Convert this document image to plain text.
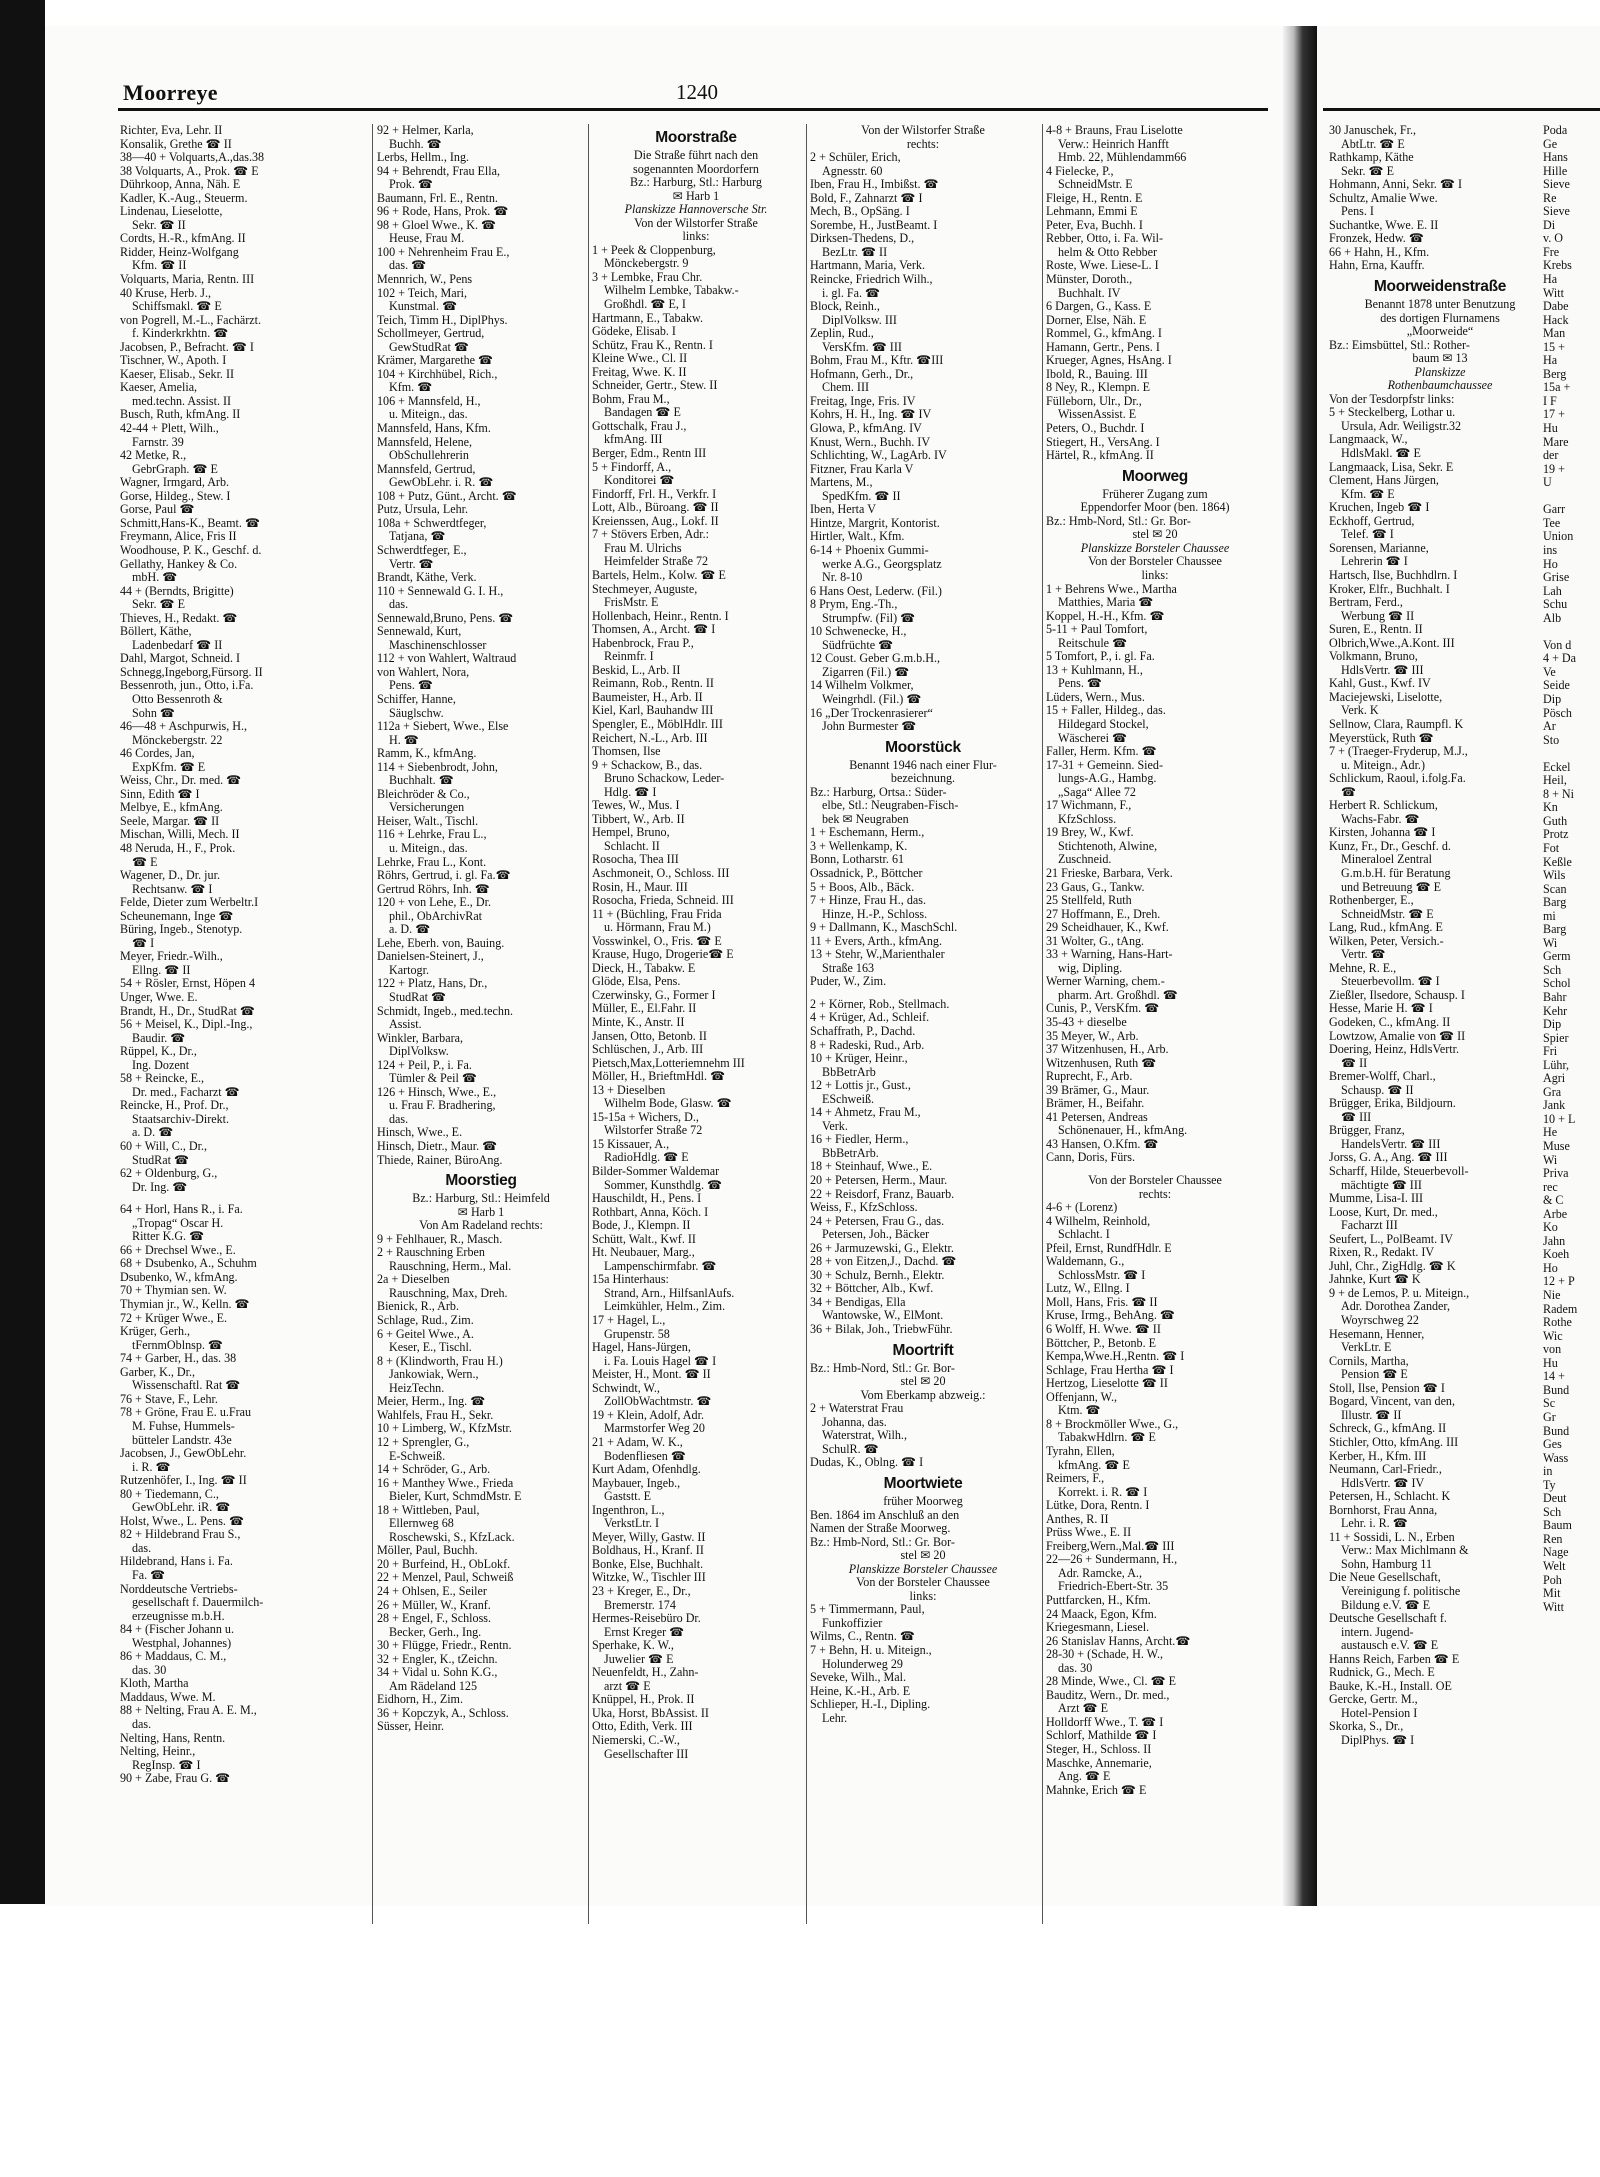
Poda
Ge
Hans
Hille
Sieve
Re
Sieve
Di
v. O
Fre
Krebs
Ha
Witt
Dabe
Hack
Man
15 +
Ha
Berg
15a +
I F
17 +
Hu
Mare
der
19 +
U
Garr
Tee
Union
ins
Ho
Grise
Lah
Schu
Alb
Von d
4 + Da
Ve
Seide
Dip
Pösch
Ar
Sto
Eckel
Heil,
8 + Ni
Kn
Guth
Protz
Fot
Keßle
Wils
Scan
Barg
mi
Barg
Wi
Germ
Sch
Schol
Bahr
Kehr
Dip
Spier
Fri
Lühr,
Agri
Gra
Jank
10 + L
He
Muse
Wi
Priva
rec
& C
Arbe
Ko
Jahn
Koeh
Ho
12 + P
Nie
Radem
Rothe
Wic
von
Hu
14 +
Bund
Sc
Gr
Bund
Ges
Wass
in
Ty
Deut
Sch
Baum
Ren
Nage
Welt
Poh
Mit
Witt
Moorreye	1240
Richter, Eva, Lehr. II
Konsalik, Grethe ☎ II
38—40 + Volquarts,A.,das.38
38 Volquarts, A., Prok. ☎ E
Dührkoop, Anna, Näh. E
Kadler, K.-Aug., Steuerm.
Lindenau, Lieselotte,
Sekr. ☎ II
Cordts, H.-R., kfmAng. II
Ridder, Heinz-Wolfgang
Kfm. ☎ II
Volquarts, Maria, Rentn. III
40 Kruse, Herb. J.,
Schiffsmakl. ☎ E
von Pogrell, M.-L., Fachärzt.
f. Kinderkrkhtn. ☎
Jacobsen, P., Befracht. ☎ I
Tischner, W., Apoth. I
Kaeser, Elisab., Sekr. II
Kaeser, Amelia,
med.techn. Assist. II
Busch, Ruth, kfmAng. II
42-44 + Plett, Wilh.,
Farnstr. 39
42 Metke, R.,
GebrGraph. ☎ E
Wagner, Irmgard, Arb.
Gorse, Hildeg., Stew. I
Gorse, Paul ☎
Schmitt,Hans-K., Beamt. ☎
Freymann, Alice, Fris II
Woodhouse, P. K., Geschf. d.
Gellathy, Hankey & Co.
mbH. ☎
44 + (Berndts, Brigitte)
Sekr. ☎ E
Thieves, H., Redakt. ☎
Böllert, Käthe,
Ladenbedarf ☎ II
Dahl, Margot, Schneid. I
Schnegg,Ingeborg,Fürsorg. II
Bessenroth, jun., Otto, i.Fa.
Otto Bessenroth &
Sohn ☎
46—48 + Aschpurwis, H.,
Mönckebergstr. 22
46 Cordes, Jan,
ExpKfm. ☎ E
Weiss, Chr., Dr. med. ☎
Sinn, Edith ☎ I
Melbye, E., kfmAng.
Seele, Margar. ☎ II
Mischan, Willi, Mech. II
48 Neruda, H., F., Prok.
☎ E
Wagener, D., Dr. jur.
Rechtsanw. ☎ I
Felde, Dieter zum Werbeltr.I
Scheunemann, Inge ☎
Büring, Ingeb., Stenotyp.
☎ I
Meyer, Friedr.-Wilh.,
Ellng. ☎ II
54 + Rösler, Ernst, Höpen 4
Unger, Wwe. E.
Brandt, H., Dr., StudRat ☎
56 + Meisel, K., Dipl.-Ing.,
Baudir. ☎
Rüppel, K., Dr.,
Ing. Dozent
58 + Reincke, E.,
Dr. med., Facharzt ☎
Reincke, H., Prof. Dr.,
Staatsarchiv-Direkt.
a. D. ☎
60 + Will, C., Dr.,
StudRat ☎
62 + Oldenburg, G.,
Dr. Ing. ☎
64 + Horl, Hans R., i. Fa.
„Tropag“ Oscar H.
Ritter K.G. ☎
66 + Drechsel Wwe., E.
68 + Dsubenko, A., Schuhm
Dsubenko, W., kfmAng.
70 + Thymian sen. W.
Thymian jr., W., Kelln. ☎
72 + Krüger Wwe., E.
Krüger, Gerh.,
tFernmOblnsp. ☎
74 + Garber, H., das. 38
Garber, K., Dr.,
Wissenschaftl. Rat ☎
76 + Stave, F., Lehr.
78 + Gröne, Frau E. u.Frau
M. Fuhse, Hummels-
bütteler Landstr. 43e
Jacobsen, J., GewObLehr.
i. R. ☎
Rutzenhöfer, I., Ing. ☎ II
80 + Tiedemann, C.,
GewObLehr. iR. ☎
Holst, Wwe., L. Pens. ☎
82 + Hildebrand Frau S.,
das.
Hildebrand, Hans i. Fa.
Fa. ☎
Norddeutsche Vertriebs-
gesellschaft f. Dauermilch-
erzeugnisse m.b.H.
84 + (Fischer Johann u.
Westphal, Johannes)
86 + Maddaus, C. M.,
das. 30
Kloth, Martha
Maddaus, Wwe. M.
88 + Nelting, Frau A. E. M.,
das.
Nelting, Hans, Rentn.
Nelting, Heinr.,
RegInsp. ☎ I
90 + Zabe, Frau G. ☎
92 + Helmer, Karla,
Buchh. ☎
Lerbs, Hellm., Ing.
94 + Behrendt, Frau Ella,
Prok. ☎
Baumann, Frl. E., Rentn.
96 + Rode, Hans, Prok. ☎
98 + Gloel Wwe., K. ☎
Heuse, Frau M.
100 + Nehrenheim Frau E.,
das. ☎
Mennrich, W., Pens
102 + Teich, Mari,
Kunstmal. ☎
Teich, Timm H., DiplPhys.
Schollmeyer, Gertrud,
GewStudRat ☎
Krämer, Margarethe ☎
104 + Kirchhübel, Rich.,
Kfm. ☎
106 + Mannsfeld, H.,
u. Miteign., das.
Mannsfeld, Hans, Kfm.
Mannsfeld, Helene,
ObSchullehrerin
Mannsfeld, Gertrud,
GewObLehr. i. R. ☎
108 + Putz, Günt., Archt. ☎
Putz, Ursula, Lehr.
108a + Schwerdtfeger,
Tatjana, ☎
Schwerdtfeger, E.,
Vertr. ☎
Brandt, Käthe, Verk.
110 + Sennewald G. I. H.,
das.
Sennewald,Bruno, Pens. ☎
Sennewald, Kurt,
Maschinenschlosser
112 + von Wahlert, Waltraud
von Wahlert, Nora,
Pens. ☎
Schiffer, Hanne,
Säuglschw.
112a + Siebert, Wwe., Else
H. ☎
Ramm, K., kfmAng.
114 + Siebenbrodt, John,
Buchhalt. ☎
Bleichröder & Co.,
Versicherungen
Heiser, Walt., Tischl.
116 + Lehrke, Frau L.,
u. Miteign., das.
Lehrke, Frau L., Kont.
Röhrs, Gertrud, i. gl. Fa.☎
Gertrud Röhrs, Inh. ☎
120 + von Lehe, E., Dr.
phil., ObArchivRat
a. D. ☎
Lehe, Eberh. von, Bauing.
Danielsen-Steinert, J.,
Kartogr.
122 + Platz, Hans, Dr.,
StudRat ☎
Schmidt, Ingeb., med.techn.
Assist.
Winkler, Barbara,
DiplVolksw.
124 + Peil, P., i. Fa.
Tümler & Peil ☎
126 + Hinsch, Wwe., E.,
u. Frau F. Bradhering,
das.
Hinsch, Wwe., E.
Hinsch, Dietr., Maur. ☎
Thiede, Rainer, BüroAng.
Moorstieg
Bz.: Harburg, Stl.: Heimfeld
✉ Harb 1
Von Am Radeland rechts:
9 + Fehlhauer, R., Masch.
2 + Rauschning Erben
Rauschning, Herm., Mal.
2a + Dieselben
Rauschning, Max, Dreh.
Bienick, R., Arb.
Schlage, Rud., Zim.
6 + Geitel Wwe., A.
Keser, E., Tischl.
8 + (Klindworth, Frau H.)
Jankowiak, Wern.,
HeizTechn.
Meier, Herm., Ing. ☎
Wahlfels, Frau H., Sekr.
10 + Limberg, W., KfzMstr.
12 + Sprengler, G.,
E-Schweiß.
14 + Schröder, G., Arb.
16 + Manthey Wwe., Frieda
Bieler, Kurt, SchmdMstr. E
18 + Wittleben, Paul,
Ellernweg 68
Roschewski, S., KfzLack.
Möller, Paul, Buchh.
20 + Burfeind, H., ObLokf.
22 + Menzel, Paul, Schweiß
24 + Ohlsen, E., Seiler
26 + Müller, W., Kranf.
28 + Engel, F., Schloss.
Becker, Gerh., Ing.
30 + Flügge, Friedr., Rentn.
32 + Engler, K., tZeichn.
34 + Vidal u. Sohn K.G.,
Am Rädeland 125
Eidhorn, H., Zim.
36 + Kopczyk, A., Schloss.
Süsser, Heinr.
Moorstraße
Die Straße führt nach den
sogenannten Moordorfern
Bz.: Harburg, Stl.: Harburg
✉ Harb 1
Planskizze Hannoversche Str.
Von der Wilstorfer Straße
links:
1 + Peek & Cloppenburg,
Mönckebergstr. 9
3 + Lembke, Frau Chr.
Wilhelm Lembke, Tabakw.-
Großhdl. ☎ E, I
Hartmann, E., Tabakw.
Gödeke, Elisab. I
Schütz, Frau K., Rentn. I
Kleine Wwe., Cl. II
Freitag, Wwe. K. II
Schneider, Gertr., Stew. II
Bohm, Frau M.,
Bandagen ☎ E
Gottschalk, Frau J.,
kfmAng. III
Berger, Edm., Rentn III
5 + Findorff, A.,
Konditorei ☎
Findorff, Frl. H., Verkfr. I
Lott, Alb., Büroang. ☎ II
Kreienssen, Aug., Lokf. II
7 + Stövers Erben, Adr.:
Frau M. Ulrichs
Heimfelder Straße 72
Bartels, Helm., Kolw. ☎ E
Stechmeyer, Auguste,
FrisMstr. E
Hollenbach, Heinr., Rentn. I
Thomsen, A., Archt. ☎ I
Habenbrock, Frau P.,
Reinmfr. I
Beskid, L., Arb. II
Reimann, Rob., Rentn. II
Baumeister, H., Arb. II
Kiel, Karl, Bauhandw III
Spengler, E., MöblHdlr. III
Reichert, N.-L., Arb. III
Thomsen, Ilse
9 + Schackow, B., das.
Bruno Schackow, Leder-
Hdlg. ☎ I
Tewes, W., Mus. I
Tibbert, W., Arb. II
Hempel, Bruno,
Schlacht. II
Rosocha, Thea III
Aschmoneit, O., Schloss. III
Rosin, H., Maur. III
Rosocha, Frieda, Schneid. III
11 + (Büchling, Frau Frida
u. Hörmann, Frau M.)
Vosswinkel, O., Fris. ☎ E
Krause, Hugo, Drogerie☎ E
Dieck, H., Tabakw. E
Glöde, Elsa, Pens.
Czerwinsky, G., Former I
Müller, E., El.Fahr. II
Minte, K., Anstr. II
Jansen, Otto, Betonb. II
Schlüschen, J., Arb. III
Pietsch,Max,Lotteriemnehm III
Möller, H., BrieftmHdl. ☎
13 + Dieselben
Wilhelm Bode, Glasw. ☎
15-15a + Wichers, D.,
Wilstorfer Straße 72
15 Kissauer, A.,
RadioHdlg. ☎ E
Bilder-Sommer Waldemar
Sommer, Kunsthdlg. ☎
Hauschildt, H., Pens. I
Rothbart, Anna, Köch. I
Bode, J., Klempn. II
Schütt, Walt., Kwf. II
Ht. Neubauer, Marg.,
Lampenschirmfabr. ☎
15a Hinterhaus:
Strand, Arn., HilfsanlAufs.
Leimkühler, Helm., Zim.
17 + Hagel, L.,
Grupenstr. 58
Hagel, Hans-Jürgen,
i. Fa. Louis Hagel ☎ I
Meister, H., Mont. ☎ II
Schwindt, W.,
ZollObWachtmstr. ☎
19 + Klein, Adolf, Adr.
Marmstorfer Weg 20
21 + Adam, W. K.,
Bodenfliesen ☎
Kurt Adam, Ofenhdlg.
Maybauer, Ingeb.,
Gaststt. E
Ingenthron, L.,
VerkstLtr. I
Meyer, Willy, Gastw. II
Boldhaus, H., Kranf. II
Bonke, Else, Buchhalt.
Witzke, W., Tischler III
23 + Kreger, E., Dr.,
Bremerstr. 174
Hermes-Reisebüro Dr.
Ernst Kreger ☎
Sperhake, K. W.,
Juwelier ☎ E
Neuenfeldt, H., Zahn-
arzt ☎ E
Knüppel, H., Prok. II
Uka, Horst, BbAssist. II
Otto, Edith, Verk. III
Niemerski, C.-W.,
Gesellschafter III
Von der Wilstorfer Straße
rechts:
2 + Schüler, Erich,
Agnesstr. 60
Iben, Frau H., Imbißst. ☎
Bold, F., Zahnarzt ☎ I
Mech, B., OpSäng. I
Sorembe, H., JustBeamt. I
Dirksen-Thedens, D.,
BezLtr. ☎ II
Hartmann, Maria, Verk.
Reincke, Friedrich Wilh.,
i. gl. Fa. ☎
Block, Reinh.,
DiplVolksw. III
Zeplin, Rud.,
VersKfm. ☎ III
Bohm, Frau M., Kftr. ☎III
Hofmann, Gerh., Dr.,
Chem. III
Freitag, Inge, Fris. IV
Kohrs, H. H., Ing. ☎ IV
Glowa, P., kfmAng. IV
Knust, Wern., Buchh. IV
Schlichting, W., LagArb. IV
Fitzner, Frau Karla V
Martens, M.,
SpedKfm. ☎ II
Iben, Herta V
Hintze, Margrit, Kontorist.
Hirtler, Walt., Kfm.
6-14 + Phoenix Gummi-
werke A.G., Georgsplatz
Nr. 8-10
6 Hans Oest, Lederw. (Fil.)
8 Prym, Eng.-Th.,
Strumpfw. (Fil) ☎
10 Schwenecke, H.,
Südfrüchte ☎
12 Coust. Geber G.m.b.H.,
Zigarren (Fil.) ☎
14 Wilhelm Volkmer,
Weingrhdl. (Fil.) ☎
16 „Der Trockenrasierer“
John Burmester ☎
Moorstück
Benannt 1946 nach einer Flur-
bezeichnung.
Bz.: Harburg, Ortsa.: Süder-
elbe, Stl.: Neugraben-Fisch-
bek ✉ Neugraben
1 + Eschemann, Herm.,
3 + Wellenkamp, K.
Bonn, Lotharstr. 61
Ossadnick, P., Böttcher
5 + Boos, Alb., Bäck.
7 + Hinze, Frau H., das.
Hinze, H.-P., Schloss.
9 + Dallmann, K., MaschSchl.
11 + Evers, Arth., kfmAng.
13 + Stehr, W.,Marienthaler
Straße 163
Puder, W., Zim.
2 + Körner, Rob., Stellmach.
4 + Krüger, Ad., Schleif.
Schaffrath, P., Dachd.
8 + Radeski, Rud., Arb.
10 + Krüger, Heinr.,
BbBetrArb
12 + Lottis jr., Gust.,
ESchweiß.
14 + Ahmetz, Frau M.,
Verk.
16 + Fiedler, Herm.,
BbBetrArb.
18 + Steinhauf, Wwe., E.
20 + Petersen, Herm., Maur.
22 + Reisdorf, Franz, Bauarb.
Weiss, F., KfzSchloss.
24 + Petersen, Frau G., das.
Petersen, Joh., Bäcker
26 + Jarmuzewski, G., Elektr.
28 + von Eitzen,J., Dachd. ☎
30 + Schulz, Bernh., Elektr.
32 + Böttcher, Alb., Kwf.
34 + Bendigas, Ella
Wantowske, W., ElMont.
36 + Bilak, Joh., TriebwFühr.
Moortrift
Bz.: Hmb-Nord, Stl.: Gr. Bor-
stel ✉ 20
Vom Eberkamp abzweig.:
2 + Waterstrat Frau
Johanna, das.
Waterstrat, Wilh.,
SchulR. ☎
Dudas, K., Oblng. ☎ I
Moortwiete
früher Moorweg
Ben. 1864 im Anschluß an den
Namen der Straße Moorweg.
Bz.: Hmb-Nord, Stl.: Gr. Bor-
stel ✉ 20
Planskizze Borsteler Chaussee
Von der Borsteler Chaussee
links:
5 + Timmermann, Paul,
Funkoffizier
Wilms, C., Rentn. ☎
7 + Behn, H. u. Miteign.,
Holunderweg 29
Seveke, Wilh., Mal.
Heine, K.-H., Arb. E
Schlieper, H.-I., Dipling.
Lehr.
4-8 + Brauns, Frau Liselotte
Verw.: Heinrich Hanfft
Hmb. 22, Mühlendamm66
4 Fielecke, P.,
SchneidMstr. E
Fleige, H., Rentn. E
Lehmann, Emmi E
Peter, Eva, Buchh. I
Rebber, Otto, i. Fa. Wil-
helm & Otto Rebber
Roste, Wwe. Liese-L. I
Münster, Doroth.,
Buchhalt. IV
6 Dargen, G., Kass. E
Dorner, Else, Näh. E
Rommel, G., kfmAng. I
Hamann, Gertr., Pens. I
Krueger, Agnes, HsAng. I
Ibold, R., Bauing. III
8 Ney, R., Klempn. E
Fülleborn, Ulr., Dr.,
WissenAssist. E
Peters, O., Buchdr. I
Stiegert, H., VersAng. I
Härtel, R., kfmAng. II
Moorweg
Früherer Zugang zum
Eppendorfer Moor (ben. 1864)
Bz.: Hmb-Nord, Stl.: Gr. Bor-
stel ✉ 20
Planskizze Borsteler Chaussee
Von der Borsteler Chaussee
links:
1 + Behrens Wwe., Martha
Matthies, Maria ☎
Koppel, H.-H., Kfm. ☎
5-11 + Paul Tomfort,
Reitschule ☎
5 Tomfort, P., i. gl. Fa.
13 + Kuhlmann, H.,
Pens. ☎
Lüders, Wern., Mus.
15 + Faller, Hildeg., das.
Hildegard Stockel,
Wäscherei ☎
Faller, Herm. Kfm. ☎
17-31 + Gemeinn. Sied-
lungs-A.G., Hambg.
„Saga“ Allee 72
17 Wichmann, F.,
KfzSchloss.
19 Brey, W., Kwf.
Stichtenoth, Alwine,
Zuschneid.
21 Frieske, Barbara, Verk.
23 Gaus, G., Tankw.
25 Stellfeld, Ruth
27 Hoffmann, E., Dreh.
29 Scheidhauer, K., Kwf.
31 Wolter, G., tAng.
33 + Warning, Hans-Hart-
wig, Dipling.
Werner Warning, chem.-
pharm. Art. Großhdl. ☎
Cunis, P., VersKfm. ☎
35-43 + dieselbe
35 Meyer, W., Arb.
37 Witzenhusen, H., Arb.
Witzenhusen, Ruth ☎
Ruprecht, F., Arb.
39 Brämer, G., Maur.
Brämer, H., Beifahr.
41 Petersen, Andreas
Schönenauer, H., kfmAng.
43 Hansen, O.Kfm. ☎
Cann, Doris, Fürs.
Von der Borsteler Chaussee
rechts:
4-6 + (Lorenz)
4 Wilhelm, Reinhold,
Schlacht. I
Pfeil, Ernst, RundfHdlr. E
Waldemann, G.,
SchlossMstr. ☎ I
Lutz, W., Ellng. I
Moll, Hans, Fris. ☎ II
Kruse, Irmg., BehAng. ☎
6 Wolff, H. Wwe. ☎ II
Böttcher, P., Betonb. E
Kempa,Wwe.H.,Rentn. ☎ I
Schlage, Frau Hertha ☎ I
Hertzog, Lieselotte ☎ II
Offenjann, W.,
Ktm. ☎
8 + Brockmöller Wwe., G.,
TabakwHdlrn. ☎ E
Tyrahn, Ellen,
kfmAng. ☎ E
Reimers, F.,
Korrekt. i. R. ☎ I
Lütke, Dora, Rentn. I
Anthes, R. II
Prüss Wwe., E. II
Freiberg,Wern.,Mal.☎ III
22—26 + Sundermann, H.,
Adr. Ramcke, A.,
Friedrich-Ebert-Str. 35
Puttfarcken, H., Kfm.
24 Maack, Egon, Kfm.
Kriegesmann, Liesel.
26 Stanislav Hanns, Archt.☎
28-30 + (Schade, H. W.,
das. 30
28 Minde, Wwe., Cl. ☎ E
Bauditz, Wern., Dr. med.,
Arzt ☎ E
Holldorff Wwe., T. ☎ I
Schlorf, Mathilde ☎ I
Steger, H., Schloss. II
Maschke, Annemarie,
Ang. ☎ E
Mahnke, Erich ☎ E
30 Januschek, Fr.,
AbtLtr. ☎ E
Rathkamp, Käthe
Sekr. ☎ E
Hohmann, Anni, Sekr. ☎ I
Schultz, Amalie Wwe.
Pens. I
Suchantke, Wwe. E. II
Fronzek, Hedw. ☎
66 + Hahn, H., Kfm.
Hahn, Erna, Kauffr.
Moorweidenstraße
Benannt 1878 unter Benutzung
des dortigen Flurnamens
„Moorweide“
Bz.: Eimsbüttel, Stl.: Rother-
baum ✉ 13
Planskizze
Rothenbaumchaussee
Von der Tesdorpfstr links:
5 + Steckelberg, Lothar u.
Ursula, Adr. Weiligstr.32
Langmaack, W.,
HdlsMakl. ☎ E
Langmaack, Lisa, Sekr. E
Clement, Hans Jürgen,
Kfm. ☎ E
Kruchen, Ingeb ☎ I
Eckhoff, Gertrud,
Telef. ☎ I
Sorensen, Marianne,
Lehrerin ☎ I
Hartsch, Ilse, Buchhdlrn. I
Kroker, Elfr., Buchhalt. I
Bertram, Ferd.,
Werbung ☎ II
Suren, E., Rentn. II
Olbrich,Wwe.,A.Kont. III
Volkmann, Bruno,
HdlsVertr. ☎ III
Kahl, Gust., Kwf. IV
Maciejewski, Liselotte,
Verk. K
Sellnow, Clara, Raumpfl. K
Meyerstück, Ruth ☎
7 + (Traeger-Fryderup, M.J.,
u. Miteign., Adr.)
Schlickum, Raoul, i.folg.Fa.
☎
Herbert R. Schlickum,
Wachs-Fabr. ☎
Kirsten, Johanna ☎ I
Kunz, Fr., Dr., Geschf. d.
Mineraloel Zentral
G.m.b.H. für Beratung
und Betreuung ☎ E
Rothenberger, E.,
SchneidMstr. ☎ E
Lang, Rud., kfmAng. E
Wilken, Peter, Versich.-
Vertr. ☎
Mehne, R. E.,
Steuerbevollm. ☎ I
Zießler, Ilsedore, Schausp. I
Hesse, Marie H. ☎ I
Godeken, C., kfmAng. II
Lowtzow, Amalie von ☎ II
Doering, Heinz, HdlsVertr.
☎ II
Bremer-Wolff, Charl.,
Schausp. ☎ II
Brügger, Erika, Bildjourn.
☎ III
Brügger, Franz,
HandelsVertr. ☎ III
Jorss, G. A., Ang. ☎ III
Scharff, Hilde, Steuerbevoll-
mächtigte ☎ III
Mumme, Lisa-I. III
Loose, Kurt, Dr. med.,
Facharzt III
Seufert, L., PolBeamt. IV
Rixen, R., Redakt. IV
Juhl, Chr., ZigHdlg. ☎ K
Jahnke, Kurt ☎ K
9 + de Lemos, P. u. Miteign.,
Adr. Dorothea Zander,
Woyrschweg 22
Hesemann, Henner,
VerkLtr. E
Cornils, Martha,
Pension ☎ E
Stoll, Ilse, Pension ☎ I
Bogard, Vincent, van den,
Illustr. ☎ II
Schreck, G., kfmAng. II
Stichler, Otto, kfmAng. III
Kerber, H., Kfm. III
Neumann, Carl-Friedr.,
HdlsVertr. ☎ IV
Petersen, H., Schlacht. K
Bornhorst, Frau Anna,
Lehr. i. R. ☎
11 + Sossidi, L. N., Erben
Verw.: Max Michlmann &
Sohn, Hamburg 11
Die Neue Gesellschaft,
Vereinigung f. politische
Bildung e.V. ☎ E
Deutsche Gesellschaft f.
intern. Jugend-
austausch e.V. ☎ E
Hanns Reich, Farben ☎ E
Rudnick, G., Mech. E
Bauke, K.-H., Install. OE
Gercke, Gertr. M.,
Hotel-Pension I
Skorka, S., Dr.,
DiplPhys. ☎ I
